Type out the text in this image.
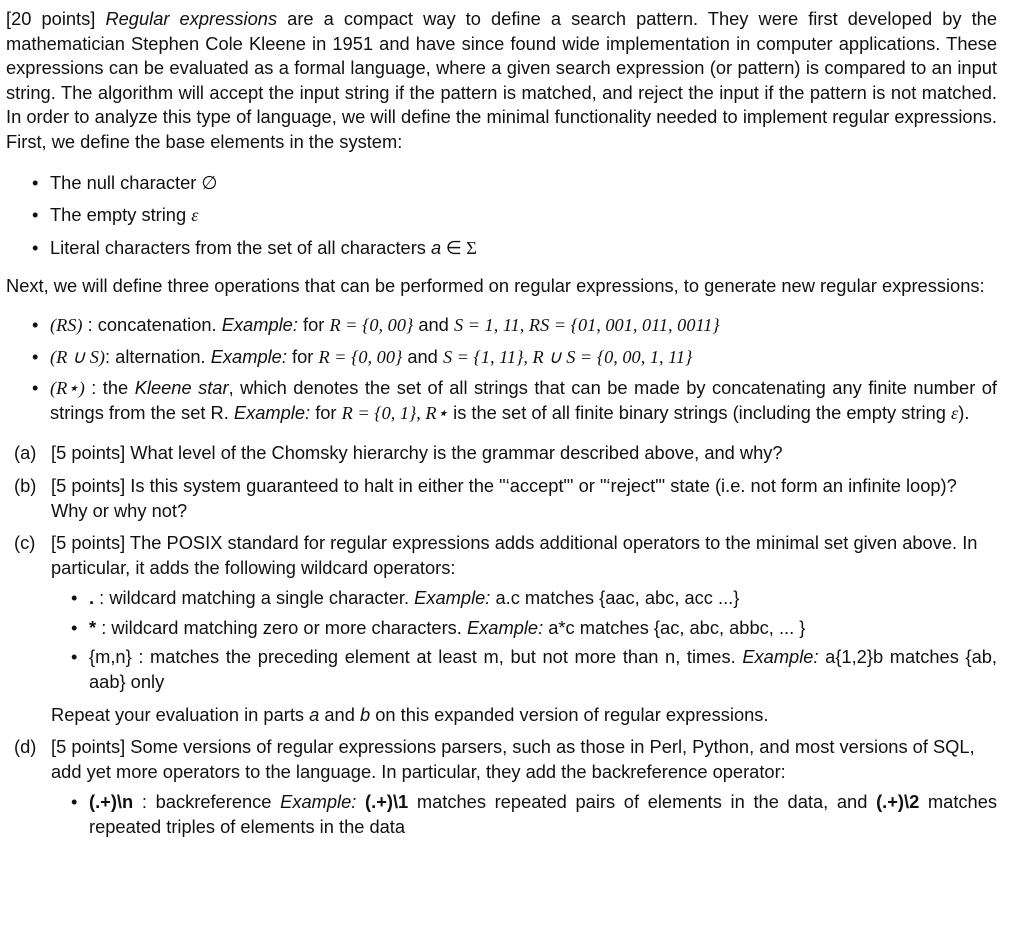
[20 points] Regular expressions are a compact way to define a search pattern. They were first developed by the mathematician Stephen Cole Kleene in 1951 and have since found wide implementation in computer applications. These expressions can be evaluated as a formal language, where a given search expression (or pattern) is compared to an input string. The algorithm will accept the input string if the pattern is matched, and reject the input if the pattern is not matched. In order to analyze this type of language, we will define the minimal functionality needed to implement regular expressions. First, we define the base elements in the system:

• The null character ∅
• The empty string ε
• Literal characters from the set of all characters a ∈ Σ

Next, we will define three operations that can be performed on regular expressions, to generate new regular expressions:

• (RS) : concatenation. Example: for R = {0, 00} and S = 1, 11, RS = {01, 001, 011, 0011}
• (R ∪ S): alternation. Example: for R = {0, 00} and S = {1, 11}, R ∪ S = {0, 00, 1, 11}
• (R⋆) : the Kleene star, which denotes the set of all strings that can be made by concatenating any finite number of strings from the set R. Example: for R = {0, 1}, R⋆ is the set of all finite binary strings (including the empty string ε).
(a) [5 points] What level of the Chomsky hierarchy is the grammar described above, and why?
(b) [5 points] Is this system guaranteed to halt in either the "‘accept"' or "‘reject"' state (i.e. not form an infinite loop)? Why or why not?
(c) [5 points] The POSIX standard for regular expressions adds additional operators to the minimal set given above. In particular, it adds the following wildcard operators:
• . : wildcard matching a single character. Example: a.c matches {aac, abc, acc ...}
• * : wildcard matching zero or more characters. Example: a*c matches {ac, abc, abbc, ... }
• {m,n} : matches the preceding element at least m, but not more than n, times. Example: a{1,2}b matches {ab, aab} only
Repeat your evaluation in parts a and b on this expanded version of regular expressions.
(d) [5 points] Some versions of regular expressions parsers, such as those in Perl, Python, and most versions of SQL, add yet more operators to the language. In particular, they add the backreference operator:
• (.+)\n : backreference Example: (.+)\1 matches repeated pairs of elements in the data, and (.+)\2 matches repeated triples of elements in the data
